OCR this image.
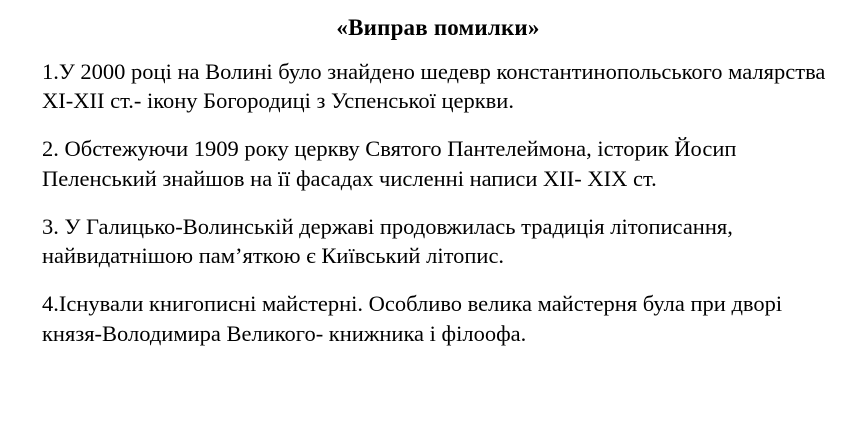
«Виправ помилки»

1.У 2000 році на Волині було знайдено шедевр константинопольського малярства XI-XII ст.- ікону Богородиці з Успенської церкви.

2. Обстежуючи 1909 року церкву Святого Пантелеймона, історик Йосип Пеленський знайшов на її фасадах численні написи XII- XIX ст.

3. У Галицько-Волинській державі продовжилась традиція літописання, найвидатнішою пам’яткою є Київський літопис.

4.Існували книгописні майстерні. Особливо велика майстерня була при дворі князя-Володимира Великого- книжника і філоофа.
